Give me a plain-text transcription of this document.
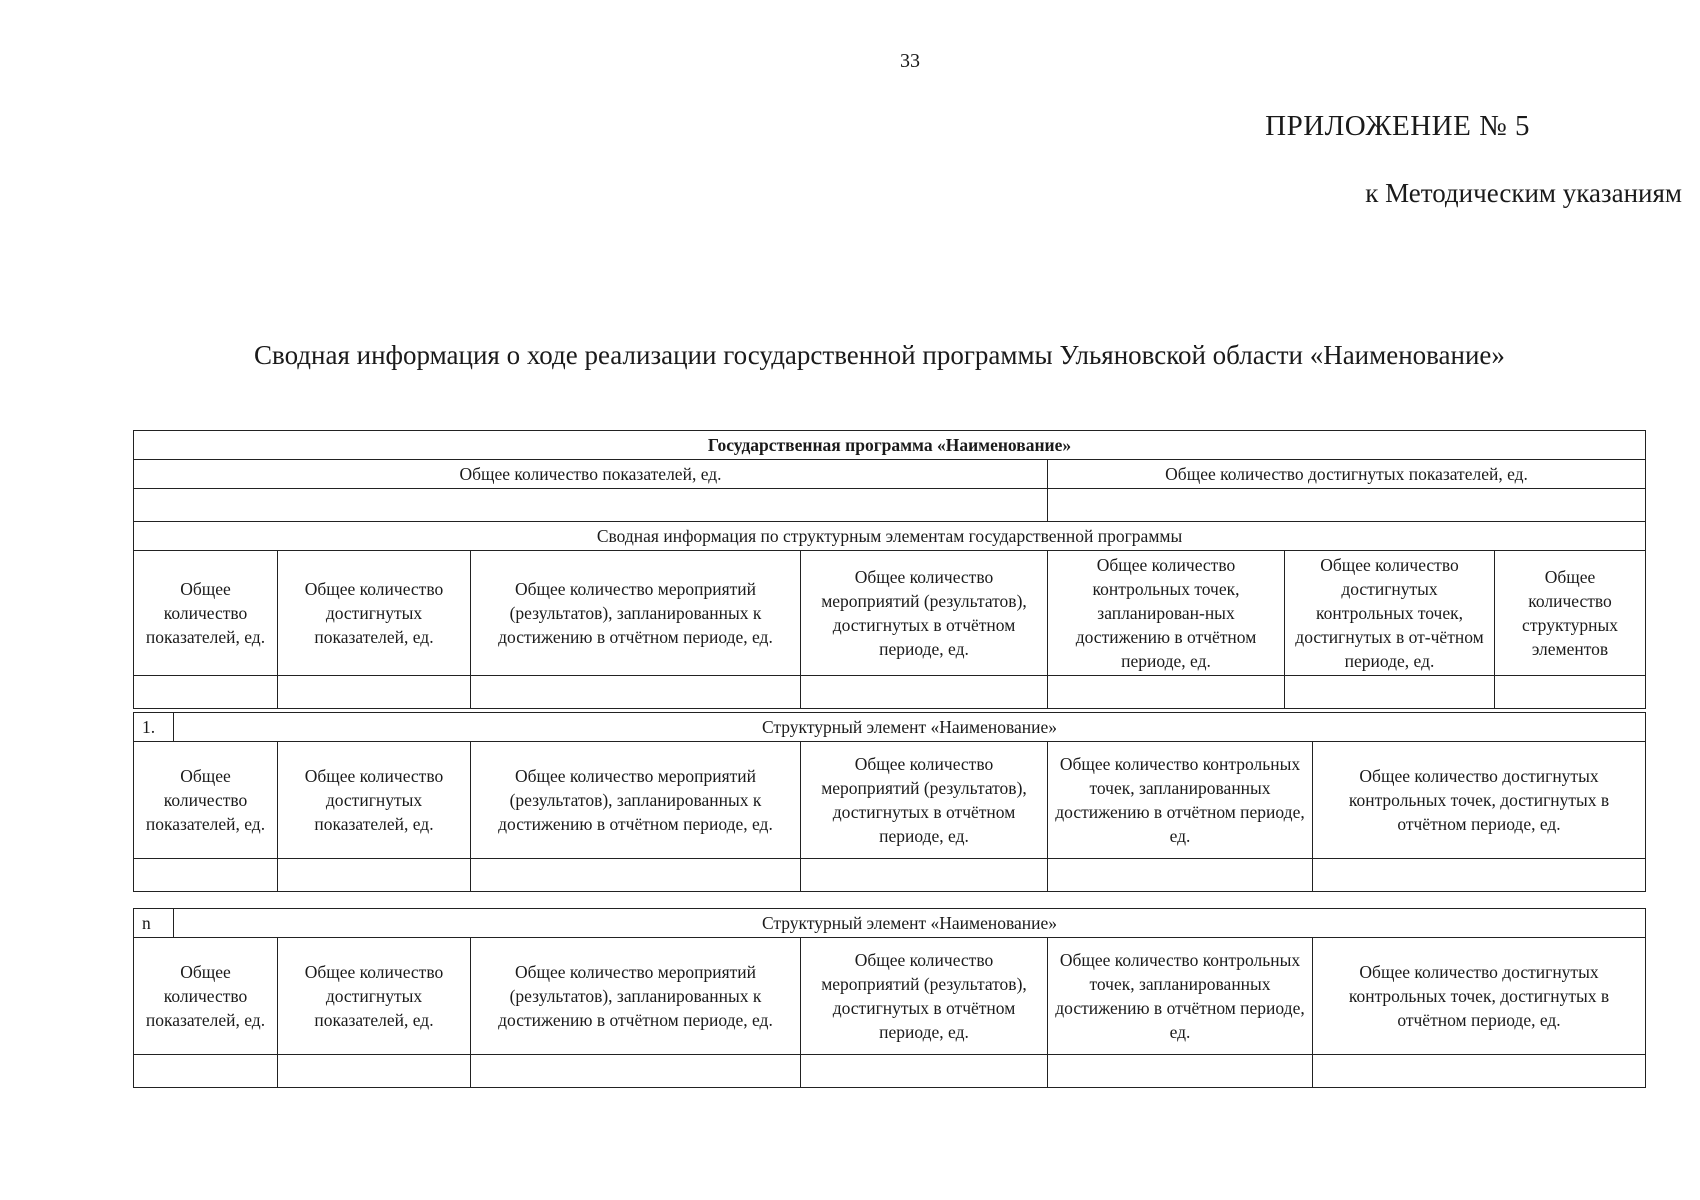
33
ПРИЛОЖЕНИЕ № 5
к Методическим указаниям
Сводная информация о ходе реализации государственной программы Ульяновской области «Наименование»
Государственная программа «Наименование»						
Общее количество показателей, ед.				Общее количество достигнутых показателей, ед.		

Сводная информация по структурным элементам государственной программы						
Общее количество показателей, ед.	Общее количество достигнутых показателей, ед.	Общее количество мероприятий (результатов), запланированных к достижению в отчётном периоде, ед.	Общее количество мероприятий (результатов), достигнутых в отчётном периоде, ед.	Общее количество контрольных точек, запланирован-ных достижению в отчётном периоде, ед.	Общее количество достигнутых контрольных точек, достигнутых в от-чётном периоде, ед.	Общее количество структурных элементов

1.	Структурный элемент «Наименование»					
Общее количество показателей, ед.		Общее количество достигнутых показателей, ед.	Общее количество мероприятий (результатов), запланированных к достижению в отчётном периоде, ед.	Общее количество мероприятий (результатов), достигнутых в отчётном периоде, ед.	Общее количество контрольных точек, запланированных достижению в отчётном периоде, ед.	Общее количество достигнутых контрольных точек, достигнутых в отчётном периоде, ед.

n	Структурный элемент «Наименование»					
Общее количество показателей, ед.		Общее количество достигнутых показателей, ед.	Общее количество мероприятий (результатов), запланированных к достижению в отчётном периоде, ед.	Общее количество мероприятий (результатов), достигнутых в отчётном периоде, ед.	Общее количество контрольных точек, запланированных достижению в отчётном периоде, ед.	Общее количество достигнутых контрольных точек, достигнутых в отчётном периоде, ед.
